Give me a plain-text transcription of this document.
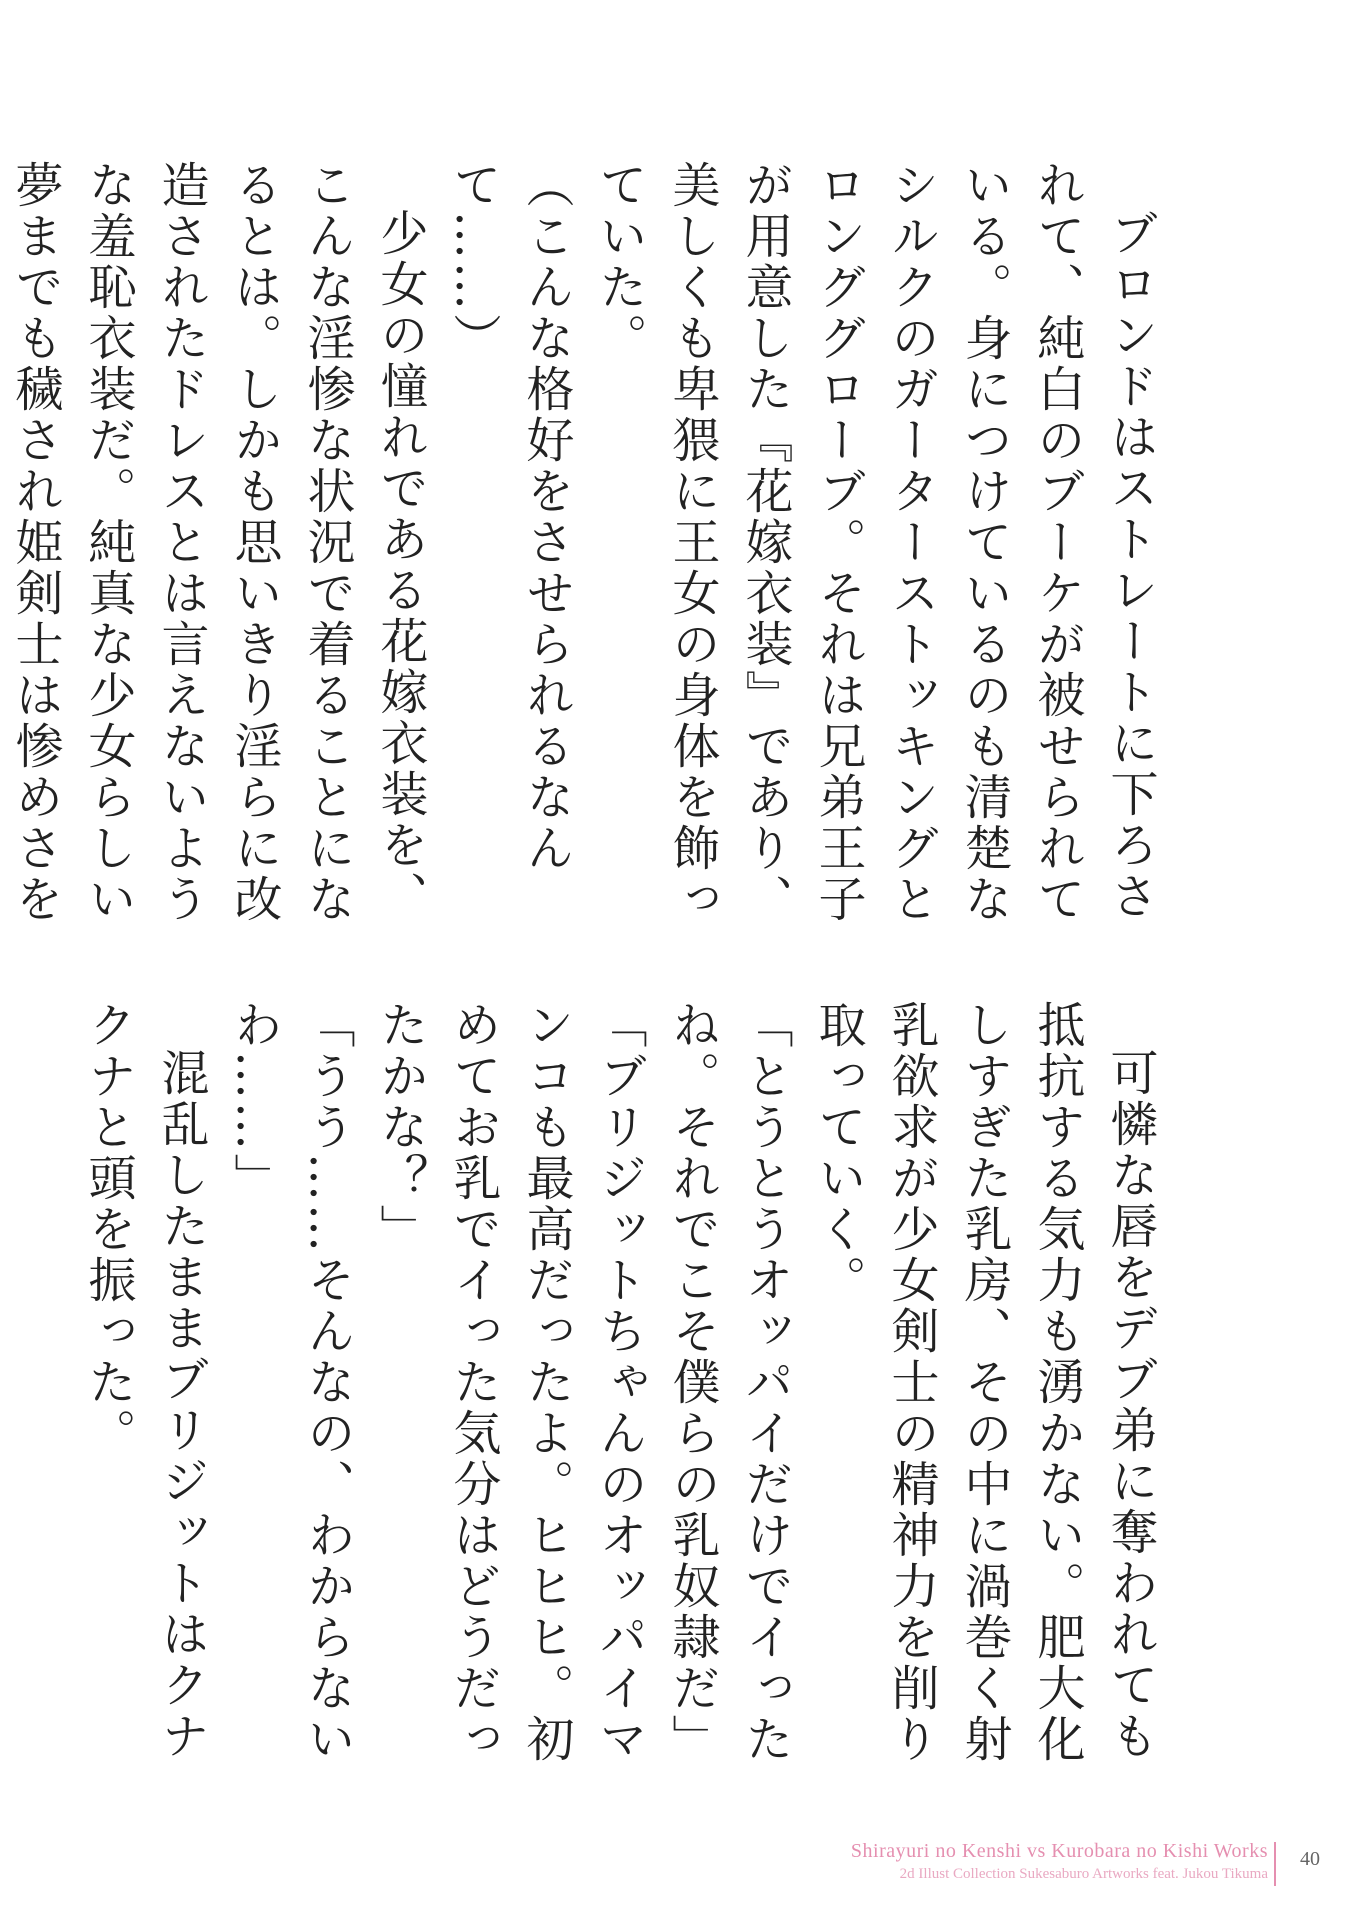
ブロンドはストレートに下ろされて、純白のブーケが被せられている。身につけているのも清楚なシルクのガーターストッキングとロンググローブ。それは兄弟王子が用意した『花嫁衣装』であり、美しくも卑猥に王女の身体を飾っていた。

（こんな格好をさせられるなんて……）

少女の憧れである花嫁衣装を、こんな淫惨な状況で着ることになるとは。しかも思いきり淫らに改造されたドレスとは言えないような羞恥衣装だ。純真な少女らしい夢までも穢され姫剣士は惨めさを

可憐な唇をデブ弟に奪われても抵抗する気力も湧かない。肥大化しすぎた乳房、その中に渦巻く射乳欲求が少女剣士の精神力を削り取っていく。

「とうとうオッパイだけでイったね。それでこそ僕らの乳奴隷だ」

「ブリジットちゃんのオッパイマンコも最高だったよ。ヒヒヒ。初めてお乳でイった気分はどうだったかな？」

「うう……そんなの、わからないわ……」

混乱したままブリジットはクナクナと頭を振った。

Shirayuri no Kenshi vs Kurobara no Kishi Works
2d Illust Collection Sukesaburo Artworks feat. Jukou Tikuma
40
